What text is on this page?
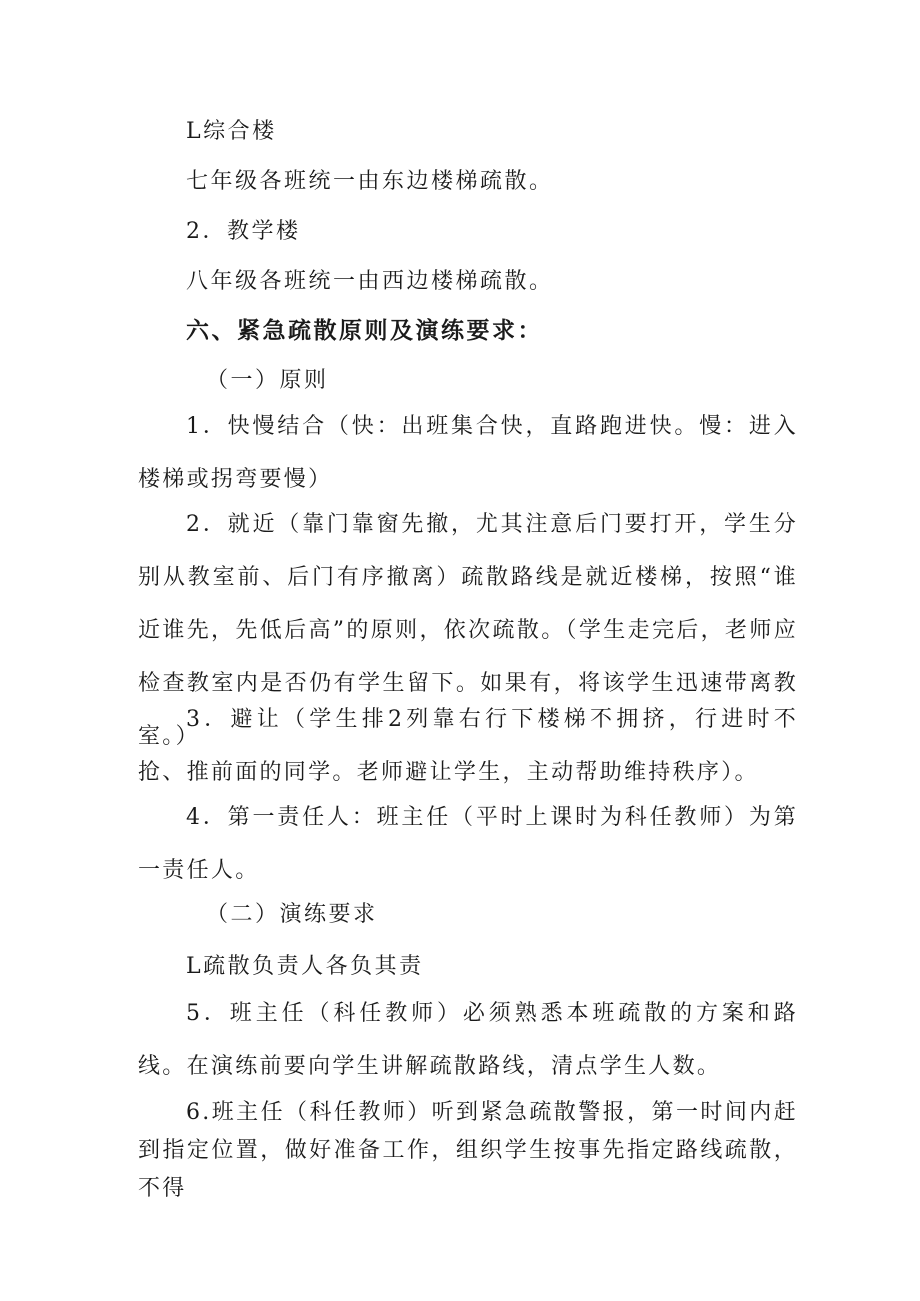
L综合楼
七年级各班统一由东边楼梯疏散。
2．教学楼
八年级各班统一由西边楼梯疏散。
六、紧急疏散原则及演练要求：
（一）原则

1．快慢结合（快：出班集合快，直路跑进快。慢：进入楼梯或拐弯要慢）

2．就近（靠门靠窗先撤，尤其注意后门要打开，学生分别从教室前、后门有序撤离）疏散路线是就近楼梯，按照“谁近谁先，先低后高”的原则，依次疏散。（学生走完后，老师应检查教室内是否仍有学生留下。如果有，将该学生迅速带离教室。）

3．避让（学生排2列靠右行下楼梯不拥挤，行进时不抢、推前面的同学。老师避让学生，主动帮助维持秩序）。

4．第一责任人：班主任（平时上课时为科任教师）为第一责任人。

（二）演练要求
L疏散负责人各负其责

5．班主任（科任教师）必须熟悉本班疏散的方案和路线。在演练前要向学生讲解疏散路线，清点学生人数。

6.班主任（科任教师）听到紧急疏散警报，第一时间内赶到指定位置，做好准备工作，组织学生按事先指定路线疏散，不得
